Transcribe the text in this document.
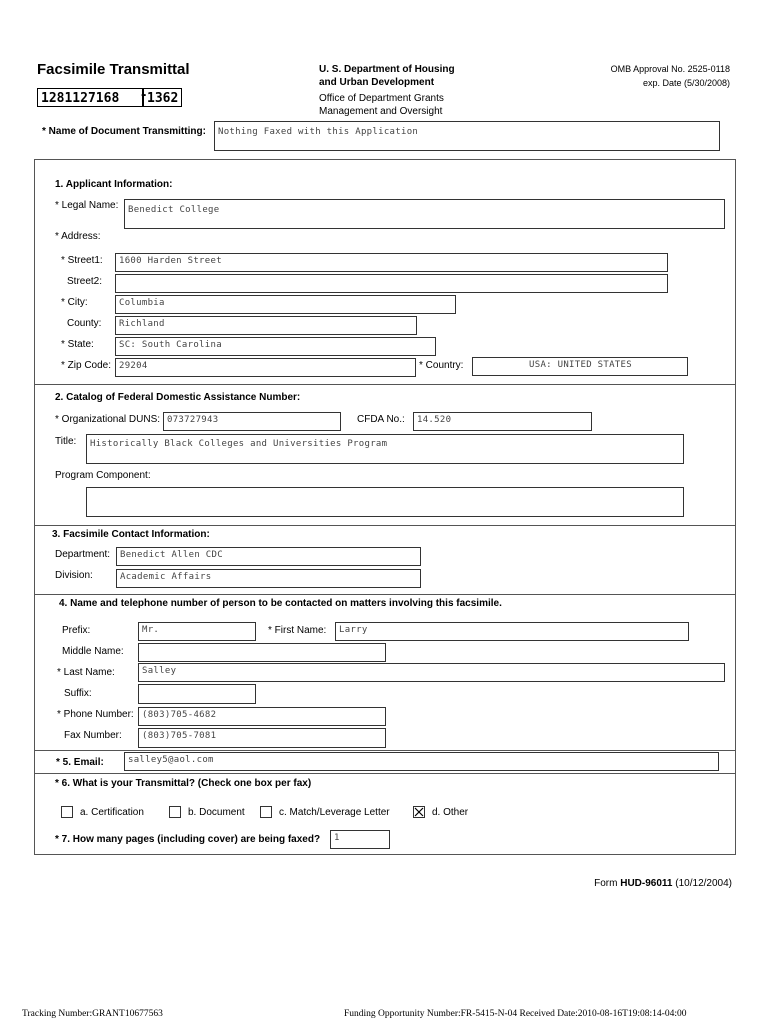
Facsimile Transmittal
1281127168	- 1362
U. S. Department of Housing
and Urban Development
Office of Department Grants
Management and Oversight
OMB Approval No. 2525-0118
exp. Date (5/30/2008)
* Name of Document Transmitting:	Nothing Faxed with this Application
1. Applicant Information:
* Legal Name:	Benedict College
* Address:
* Street1:	1600 Harden Street
Street2:
* City:	Columbia
County:	Richland
* State:	SC: South Carolina
* Zip Code: 29204	* Country:	USA: UNITED STATES
2. Catalog of Federal Domestic Assistance Number:
* Organizational DUNS: 073727943	CFDA No.:	14.520
Title:	Historically Black Colleges and Universities Program
Program Component:
3. Facsimile Contact Information:
Department:	Benedict Allen CDC
Division:	Academic Affairs
4. Name and telephone number of person to be contacted on matters involving this facsimile.
Prefix:	Mr.	* First Name:	Larry
Middle Name:
* Last Name:	Salley
Suffix:
* Phone Number: (803)705-4682
Fax Number:	(803)705-7081
* 5. Email:	salley5@aol.com
* 6. What is your Transmittal? (Check one box per fax)
a. Certification	b. Document	c. Match/Leverage Letter	d. Other
* 7. How many pages (including cover) are being faxed?	1
Form HUD-96011 (10/12/2004)
Tracking Number:GRANT10677563	Funding Opportunity Number:FR-5415-N-04 Received Date:2010-08-16T19:08:14-04:00
